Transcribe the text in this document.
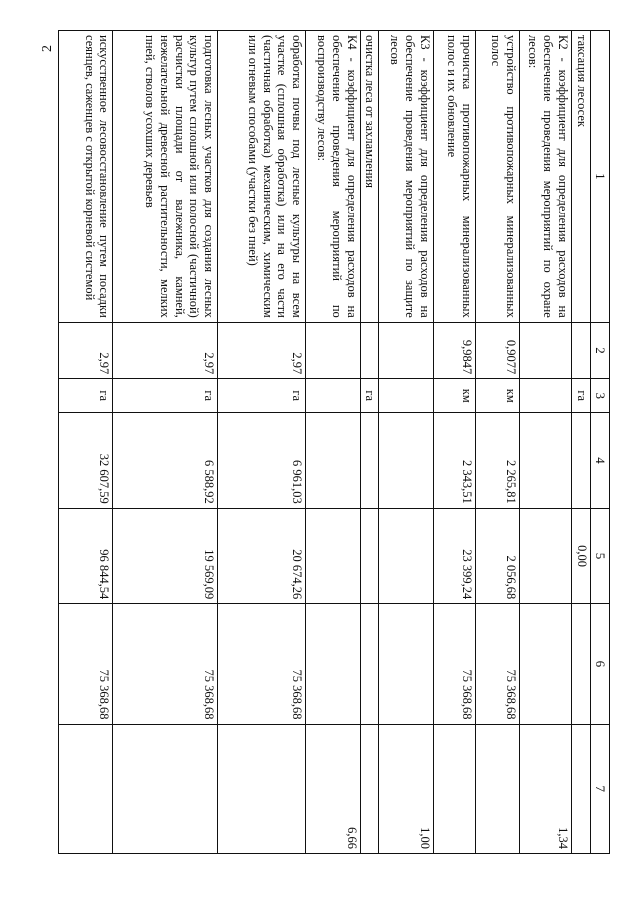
2
1	2	3	4	5	6	7
таксация лесосек		га		0,00		
К2 - коэффициент для определения расходов на обеспечение проведения мероприятий по охране лесов:						1,34
устройство противопожарных минерализованных полос	0,9077	км	2 265,81	2 056,68	75 368,68	
прочистка противопожарных минерализованных полос и их обновление	9,9847	км	2 343,51	23 399,24	75 368,68	
К3 - коэффициент для определения расходов на обеспечение проведения мероприятий по защите лесов						1,00
очистка леса от захламления		га				
К4 - коэффициент для определения расходов на обеспечение проведения мероприятий по воспроизводству лесов:						6,66
обработка почвы под лесные культуры на всем участке (сплошная обработка) или на его части (частичная обработка) механическим, химическим или огневым способами (участки без пней)	2,97	га	6 961,03	20 674,26	75 368,68	
подготовка лесных участков для создания лесных культур путем сплошной или полосной (частичной) расчистки площади от валежника, камней, нежелательной древесной растительности, мелких пней, стволов усохших деревьев	2,97	га	6 588,92	19 569,09	75 368,68	
искусственное лесовосстановление путем посадки сеянцев, саженцев с открытой корневой системой	2,97	га	32 607,59	96 844,54	75 368,68	
